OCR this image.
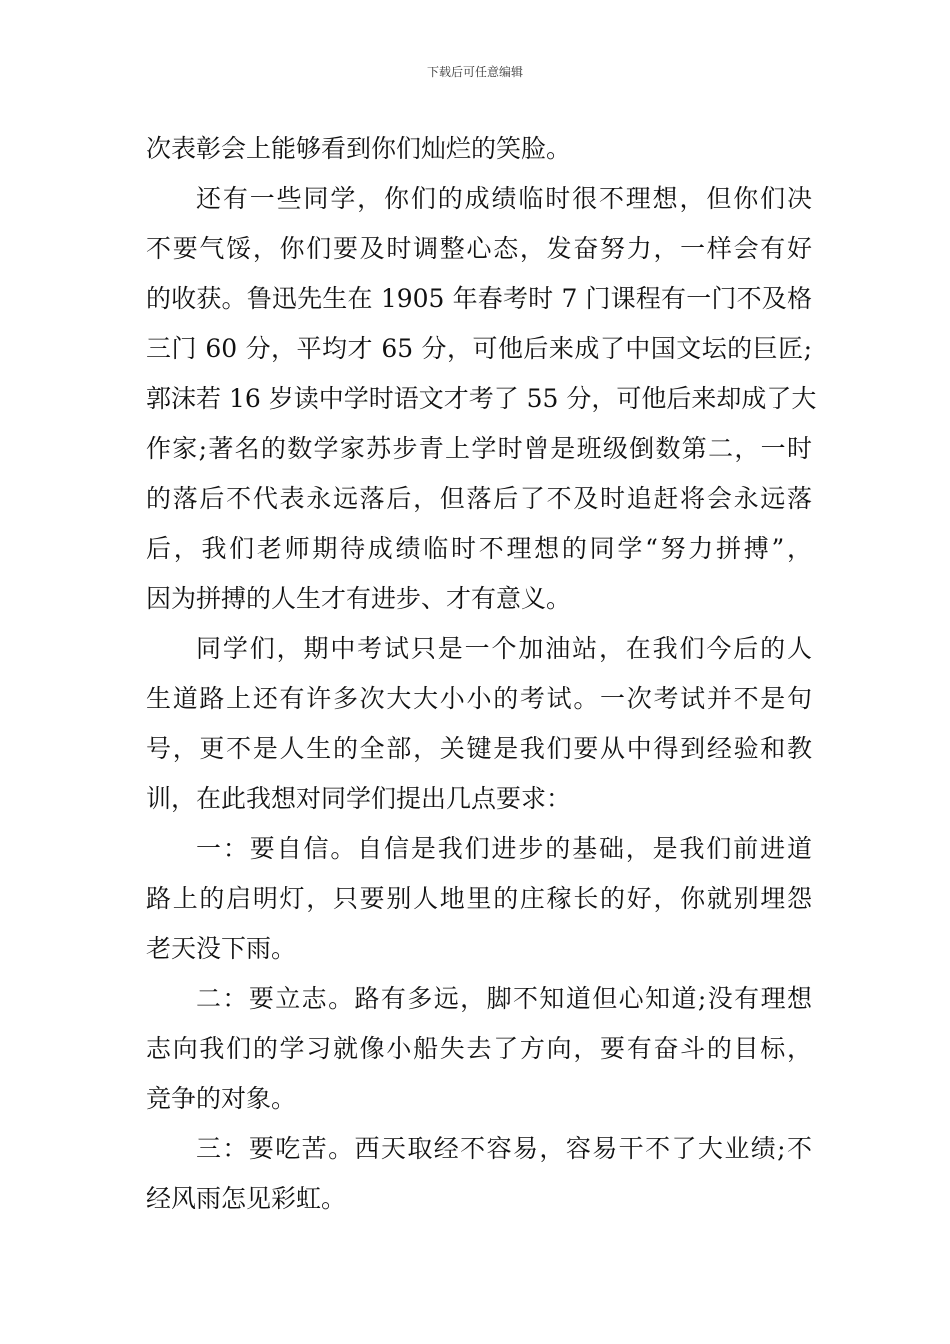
下载后可任意编辑
次表彰会上能够看到你们灿烂的笑脸。
还有一些同学，你们的成绩临时很不理想，但你们决
不要气馁，你们要及时调整心态，发奋努力，一样会有好
的收获。鲁迅先生在 1905 年春考时 7 门课程有一门不及格
三门 60 分，平均才 65 分，可他后来成了中国文坛的巨匠;
郭沫若 16 岁读中学时语文才考了 55 分，可他后来却成了大
作家;著名的数学家苏步青上学时曾是班级倒数第二，一时
的落后不代表永远落后，但落后了不及时追赶将会永远落
后，我们老师期待成绩临时不理想的同学“努力拼搏”，
因为拼搏的人生才有进步、才有意义。
同学们，期中考试只是一个加油站，在我们今后的人
生道路上还有许多次大大小小的考试。一次考试并不是句
号，更不是人生的全部，关键是我们要从中得到经验和教
训，在此我想对同学们提出几点要求：
一：要自信。自信是我们进步的基础，是我们前进道
路上的启明灯，只要别人地里的庄稼长的好，你就别埋怨
老天没下雨。
二：要立志。路有多远，脚不知道但心知道;没有理想
志向我们的学习就像小船失去了方向，要有奋斗的目标，
竞争的对象。
三：要吃苦。西天取经不容易，容易干不了大业绩;不
经风雨怎见彩虹。
